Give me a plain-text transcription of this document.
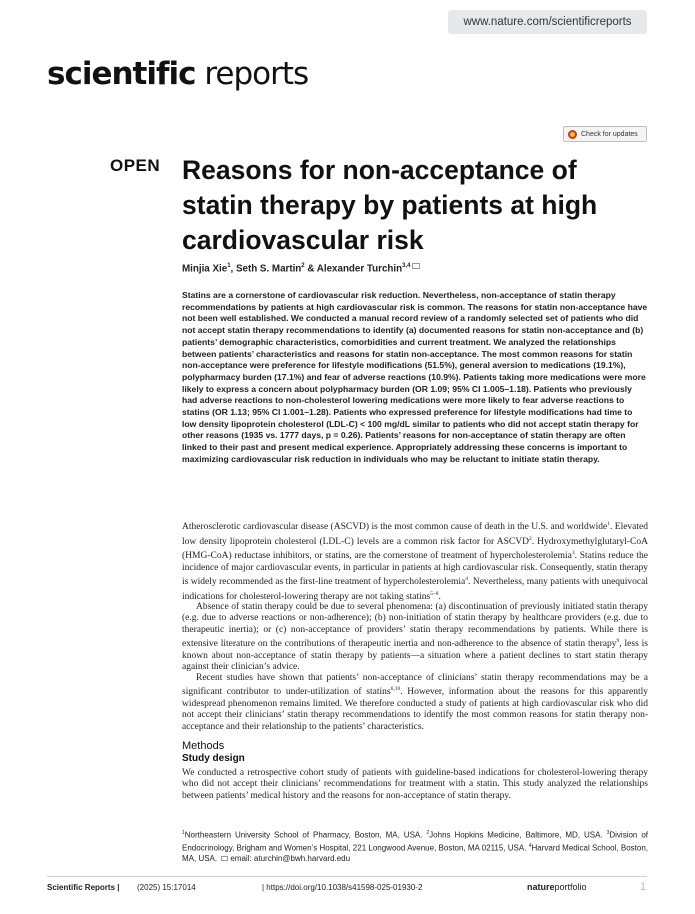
www.nature.com/scientificreports
scientific reports
Check for updates
OPEN Reasons for non-acceptance of statin therapy by patients at high cardiovascular risk
Minjia Xie$^1$, Seth S. Martin$^2$ & Alexander Turchin$^{3,4}$

Statins are a cornerstone of cardiovascular risk reduction. Nevertheless, non-acceptance of statin therapy recommendations by patients at high cardiovascular risk is common. The reasons for statin non-acceptance have not been well established. We conducted a manual record review of a randomly selected set of patients who did not accept statin therapy recommendations to identify (a) documented reasons for statin non-acceptance and (b) patients’ demographic characteristics, comorbidities and current treatment. We analyzed the relationships between patients’ characteristics and reasons for statin non-acceptance. The most common reasons for statin non-acceptance were preference for lifestyle modifications (51.5%), general aversion to medications (19.1%), polypharmacy burden (17.1%) and fear of adverse reactions (10.9%). Patients taking more medications were more likely to express a concern about polypharmacy burden (OR 1.09; 95% CI 1.005–1.18). Patients who previously had adverse reactions to non-cholesterol lowering medications were more likely to fear adverse reactions to statins (OR 1.13; 95% CI 1.001–1.28). Patients who expressed preference for lifestyle modifications had time to low density lipoprotein cholesterol (LDL-C) < 100 mg/dL similar to patients who did not accept statin therapy for other reasons (1935 vs. 1777 days, p = 0.26). Patients’ reasons for non-acceptance of statin therapy are often linked to their past and present medical experience. Appropriately addressing these concerns is important to maximizing cardiovascular risk reduction in individuals who may be reluctant to initiate statin therapy.

Atherosclerotic cardiovascular disease (ASCVD) is the most common cause of death in the U.S. and worldwide$^1$. Elevated low density lipoprotein cholesterol (LDL-C) levels are a common risk factor for ASCVD$^2$. Hydroxymethylglutaryl-CoA (HMG-CoA) reductase inhibitors, or statins, are the cornerstone of treatment of hypercholesterolemia$^3$. Statins reduce the incidence of major cardiovascular events, in particular in patients at high cardiovascular risk. Consequently, statin therapy is widely recommended as the first-line treatment of hypercholesterolemia$^4$. Nevertheless, many patients with unequivocal indications for cholesterol-lowering therapy are not taking statins$^{5-8}$.

Absence of statin therapy could be due to several phenomena: (a) discontinuation of previously initiated statin therapy (e.g. due to adverse reactions or non-adherence); (b) non-initiation of statin therapy by healthcare providers (e.g. due to therapeutic inertia); or (c) non-acceptance of providers’ statin therapy recommendations by patients. While there is extensive literature on the contributions of therapeutic inertia and non-adherence to the absence of statin therapy$^9$, less is known about non-acceptance of statin therapy by patients—a situation where a patient declines to start statin therapy against their clinician’s advice.

Recent studies have shown that patients’ non-acceptance of clinicians’ statin therapy recommendations may be a significant contributor to under-utilization of statins$^{6,10}$. However, information about the reasons for this apparently widespread phenomenon remains limited. We therefore conducted a study of patients at high cardiovascular risk who did not accept their clinicians’ statin therapy recommendations to identify the most common reasons for statin therapy non-acceptance and their relationship to the patients’ characteristics.

Methods
Study design

We conducted a retrospective cohort study of patients with guideline-based indications for cholesterol-lowering therapy who did not accept their clinicians’ recommendations for treatment with a statin. This study analyzed the relationships between patients’ medical history and the reasons for non-acceptance of statin therapy.

$^1$Northeastern University School of Pharmacy, Boston, MA, USA. $^2$Johns Hopkins Medicine, Baltimore, MD, USA. $^3$Division of Endocrinology, Brigham and Women’s Hospital, 221 Longwood Avenue, Boston, MA 02115, USA. $^4$Harvard Medical School, Boston, MA, USA. email: aturchin@bwh.harvard.edu
Scientific Reports | (2025) 15:17014	| https://doi.org/10.1038/s41598-025-01930-2	natureportfolio	1
